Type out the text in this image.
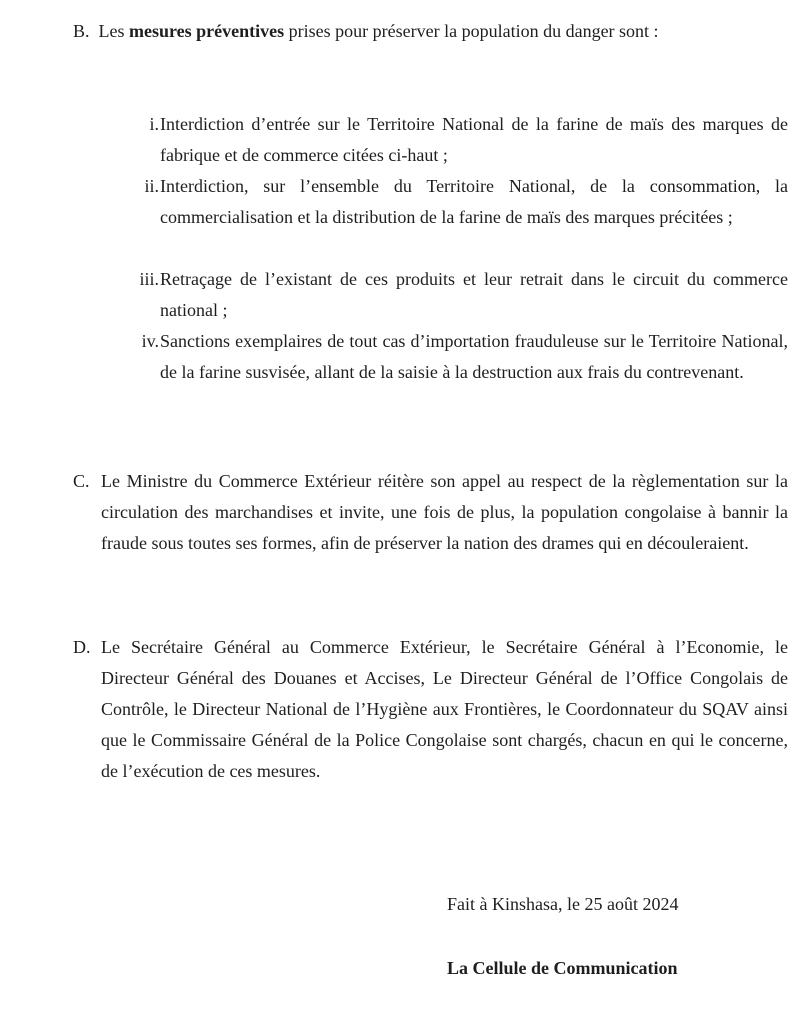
B. Les mesures préventives prises pour préserver la population du danger sont :
i. Interdiction d’entrée sur le Territoire National de la farine de maïs des marques de fabrique et de commerce citées ci-haut ;
ii. Interdiction, sur l’ensemble du Territoire National, de la consommation, la commercialisation et la distribution de la farine de maïs des marques précitées ;
iii. Retraçage de l’existant de ces produits et leur retrait dans le circuit du commerce national ;
iv. Sanctions exemplaires de tout cas d’importation frauduleuse sur le Territoire National, de la farine susvisée, allant de la saisie à la destruction aux frais du contrevenant.
C. Le Ministre du Commerce Extérieur réitère son appel au respect de la règlementation sur la circulation des marchandises et invite, une fois de plus, la population congolaise à bannir la fraude sous toutes ses formes, afin de préserver la nation des drames qui en découleraient.
D. Le Secrétaire Général au Commerce Extérieur, le Secrétaire Général à l’Economie, le Directeur Général des Douanes et Accises, Le Directeur Général de l’Office Congolais de Contrôle, le Directeur National de l’Hygiène aux Frontières, le Coordonnateur du SQAV ainsi que le Commissaire Général de la Police Congolaise sont chargés, chacun en qui le concerne, de l’exécution de ces mesures.
Fait à Kinshasa, le 25 août 2024
La Cellule de Communication
